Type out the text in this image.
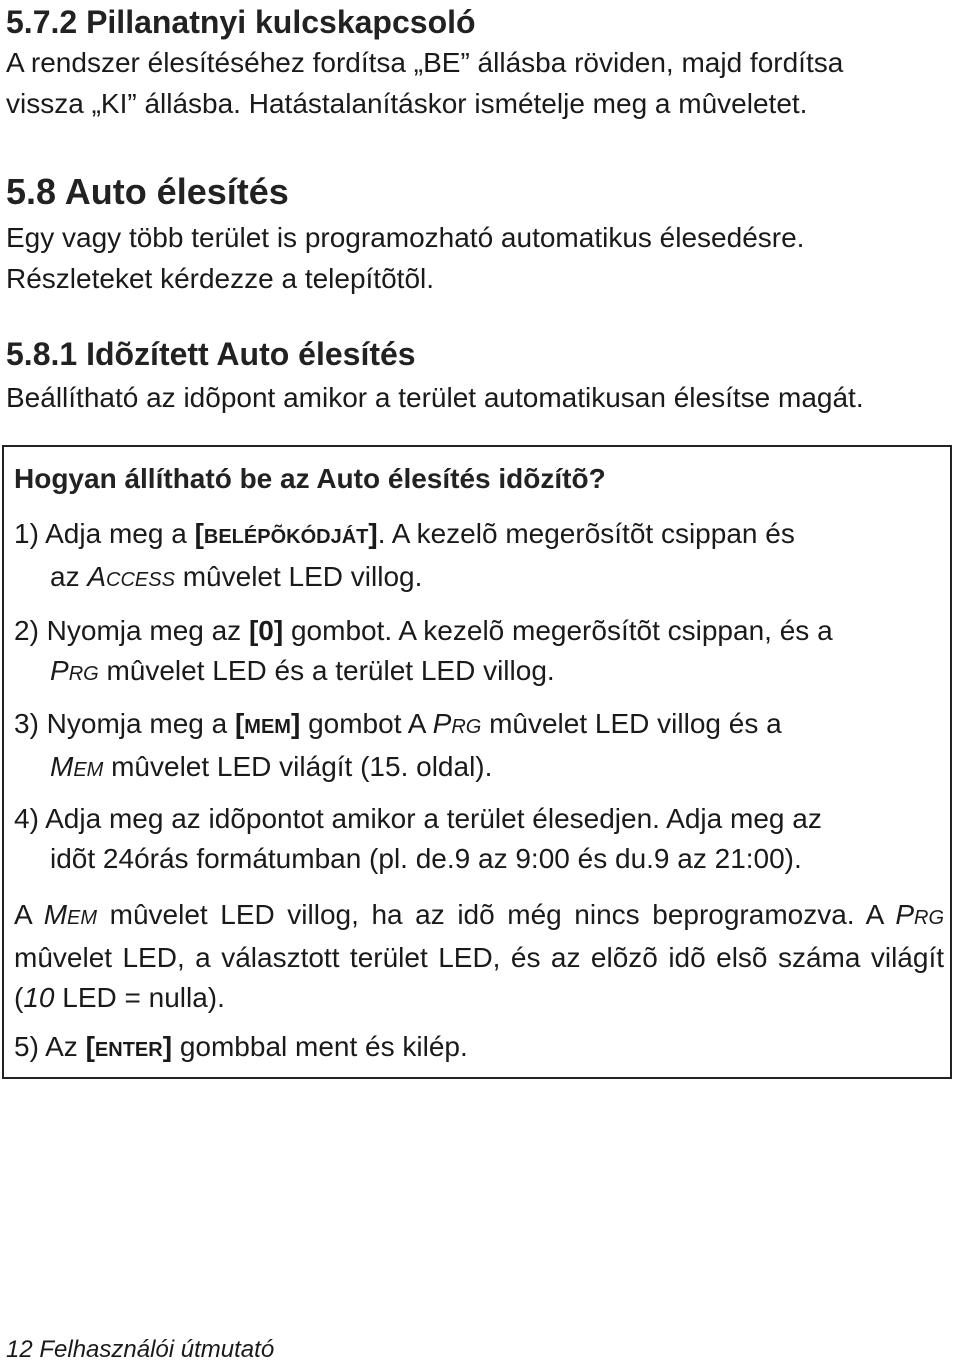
5.7.2 Pillanatnyi kulcskapcsoló

A rendszer élesítéséhez fordítsa „BE” állásba röviden, majd fordítsa
vissza „KI” állásba. Hatástalanításkor ismételje meg a mûveletet.

5.8 Auto élesítés

Egy vagy több terület is programozható automatikus élesedésre.
Részleteket kérdezze a telepítõtõl.

5.8.1 Idõzített Auto élesítés

Beállítható az idõpont amikor a terület automatikusan élesítse magát.

Hogyan állítható be az Auto élesítés idõzítõ?

1) Adja meg a [BELÉPÕKÓDJÁT]. A kezelõ megerõsítõt csippan és
az ACCESS mûvelet LED villog.

2) Nyomja meg az [0] gombot. A kezelõ megerõsítõt csippan, és a
PRG mûvelet LED és a terület LED villog.

3) Nyomja meg a [MEM] gombot A PRG mûvelet LED villog és a
MEM mûvelet LED világít (15. oldal).

4) Adja meg az idõpontot amikor a terület élesedjen. Adja meg az
idõt 24órás formátumban (pl. de.9 az 9:00 és du.9 az 21:00).

A MEM mûvelet LED villog, ha az idõ még nincs beprogramozva. A PRG mûvelet LED, a választott terület LED, és az elõzõ idõ elsõ száma világít (10 LED = nulla).

5) Az [ENTER] gombbal ment és kilép.

12 Felhasználói útmutató
